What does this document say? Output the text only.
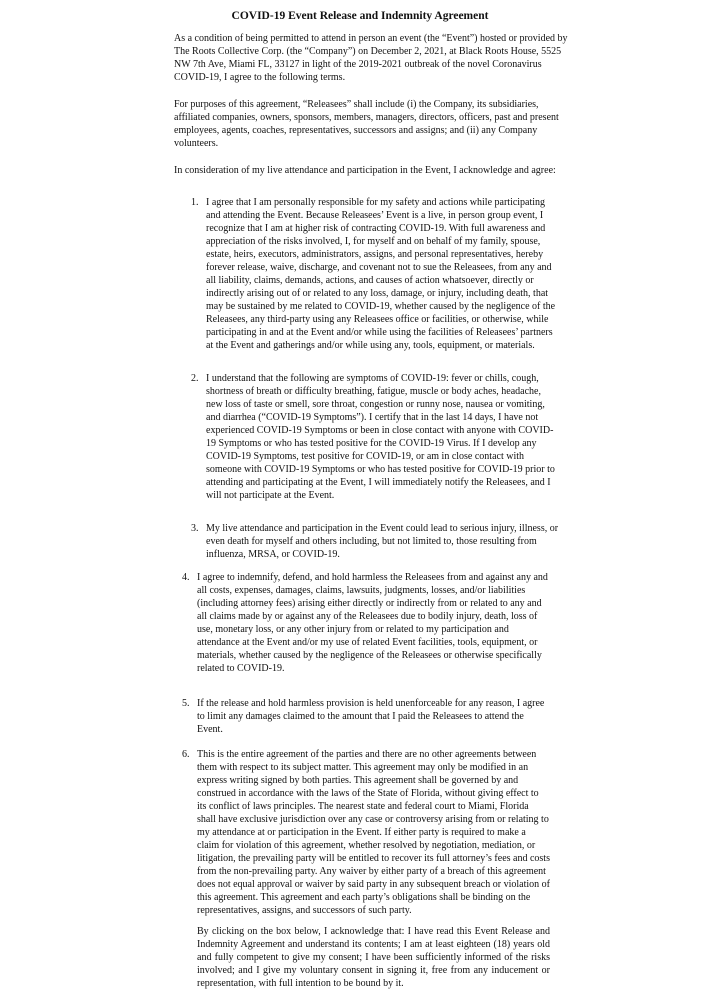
COVID-19 Event Release and Indemnity Agreement

As a condition of being permitted to attend in person an event (the “Event”) hosted or provided by The Roots Collective Corp. (the “Company”) on December 2, 2021, at Black Roots House, 5525 NW 7th Ave, Miami FL, 33127 in light of the 2019-2021 outbreak of the novel Coronavirus COVID-19, I agree to the following terms.

For purposes of this agreement, “Releasees” shall include (i) the Company, its subsidiaries, affiliated companies, owners, sponsors, members, managers, directors, officers, past and present employees, agents, coaches, representatives, successors and assigns; and (ii) any Company volunteers.

In consideration of my live attendance and participation in the Event, I acknowledge and agree:

1. I agree that I am personally responsible for my safety and actions while participating and attending the Event. Because Releasees’ Event is a live, in person group event, I recognize that I am at higher risk of contracting COVID-19. With full awareness and appreciation of the risks involved, I, for myself and on behalf of my family, spouse, estate, heirs, executors, administrators, assigns, and personal representatives, hereby forever release, waive, discharge, and covenant not to sue the Releasees, from any and all liability, claims, demands, actions, and causes of action whatsoever, directly or indirectly arising out of or related to any loss, damage, or injury, including death, that may be sustained by me related to COVID-19, whether caused by the negligence of the Releasees, any third-party using any Releasees office or facilities, or otherwise, while participating in and at the Event and/or while using the facilities of Releasees’ partners at the Event and gatherings and/or while using any, tools, equipment, or materials.
2. I understand that the following are symptoms of COVID-19: fever or chills, cough, shortness of breath or difficulty breathing, fatigue, muscle or body aches, headache, new loss of taste or smell, sore throat, congestion or runny nose, nausea or vomiting, and diarrhea (“COVID-19 Symptoms”). I certify that in the last 14 days, I have not experienced COVID-19 Symptoms or been in close contact with anyone with COVID-19 Symptoms or who has tested positive for the COVID-19 Virus. If I develop any COVID-19 Symptoms, test positive for COVID-19, or am in close contact with someone with COVID-19 Symptoms or who has tested positive for COVID-19 prior to attending and participating at the Event, I will immediately notify the Releasees, and I will not participate at the Event.
3. My live attendance and participation in the Event could lead to serious injury, illness, or even death for myself and others including, but not limited to, those resulting from influenza, MRSA, or COVID-19.
4. I agree to indemnify, defend, and hold harmless the Releasees from and against any and all costs, expenses, damages, claims, lawsuits, judgments, losses, and/or liabilities (including attorney fees) arising either directly or indirectly from or related to any and all claims made by or against any of the Releasees due to bodily injury, death, loss of use, monetary loss, or any other injury from or related to my participation and attendance at the Event and/or my use of related Event facilities, tools, equipment, or materials, whether caused by the negligence of the Releasees or otherwise specifically related to COVID-19.
5. If the release and hold harmless provision is held unenforceable for any reason, I agree to limit any damages claimed to the amount that I paid the Releasees to attend the Event.
6. This is the entire agreement of the parties and there are no other agreements between them with respect to its subject matter. This agreement may only be modified in an express writing signed by both parties. This agreement shall be governed by and construed in accordance with the laws of the State of Florida, without giving effect to its conflict of laws principles. The nearest state and federal court to Miami, Florida shall have exclusive jurisdiction over any case or controversy arising from or relating to my attendance at or participation in the Event. If either party is required to make a claim for violation of this agreement, whether resolved by negotiation, mediation, or litigation, the prevailing party will be entitled to recover its full attorney’s fees and costs from the non-prevailing party. Any waiver by either party of a breach of this agreement does not equal approval or waiver by said party in any subsequent breach or violation of this agreement. This agreement and each party’s obligations shall be binding on the representatives, assigns, and successors of such party.

By clicking on the box below, I acknowledge that: I have read this Event Release and Indemnity Agreement and understand its contents; I am at least eighteen (18) years old and fully competent to give my consent; I have been sufficiently informed of the risks involved; and I give my voluntary consent in signing it, free from any inducement or representation, with full intention to be bound by it.
